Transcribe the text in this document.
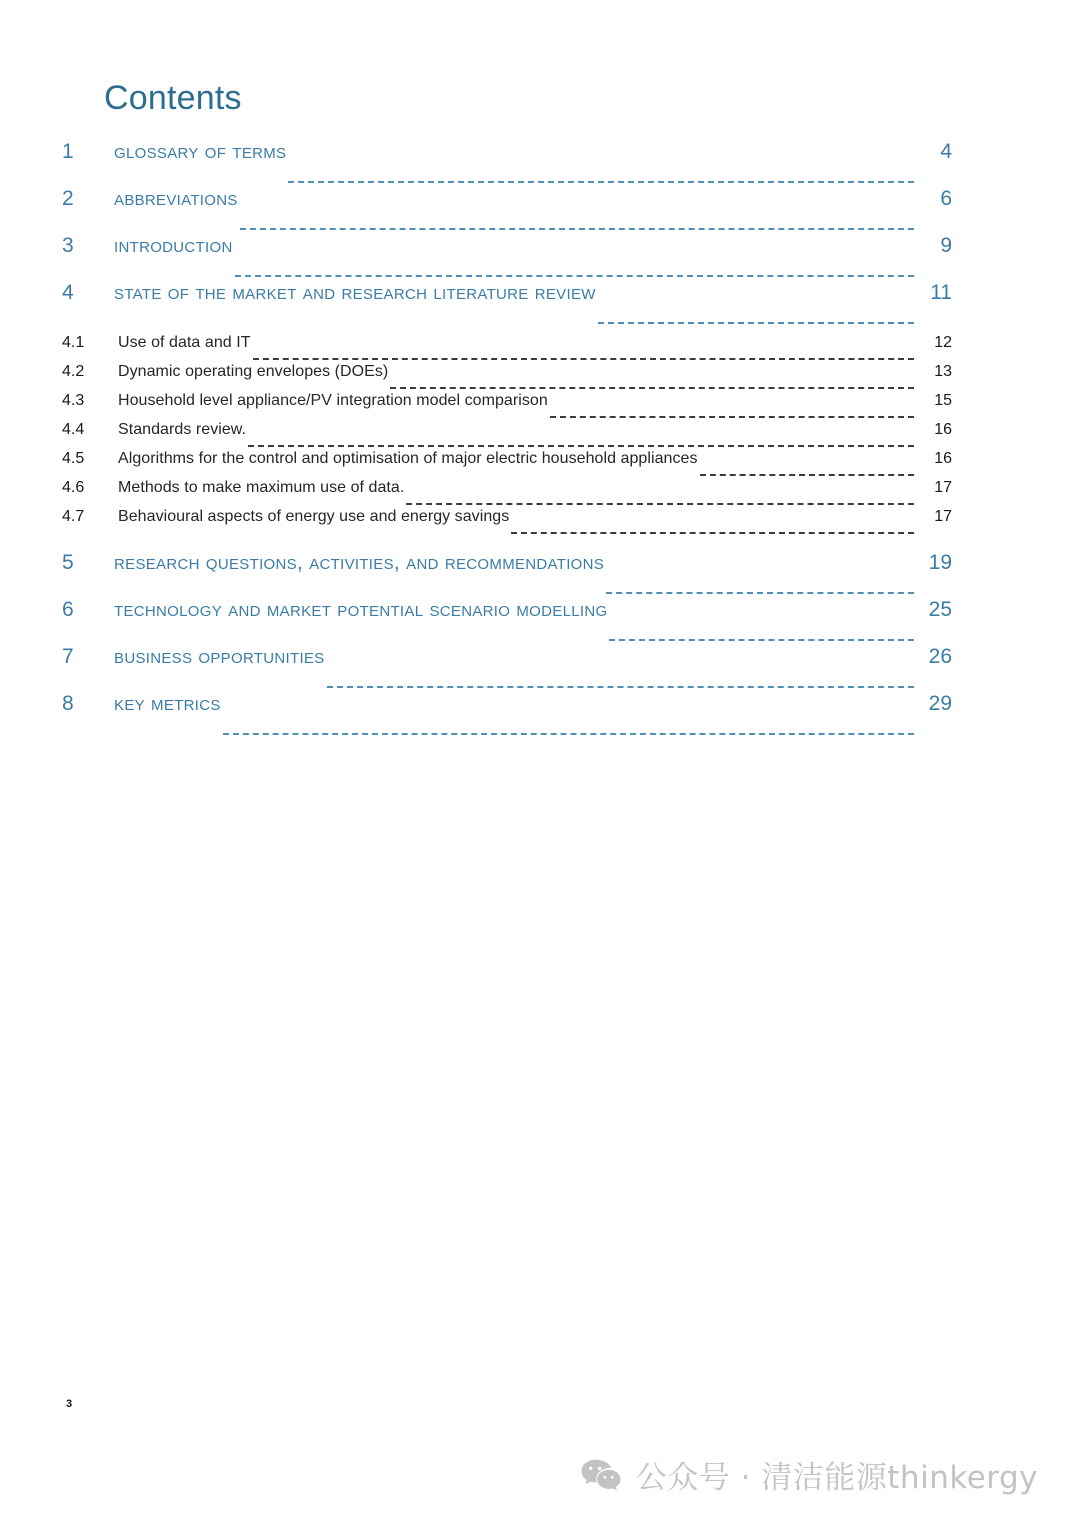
Contents
1	glossary of terms	4
2	abbreviations	6
3	introduction	9
4	state of the market and research literature review	11
4.1	Use of data and IT	12
4.2	Dynamic operating envelopes (DOEs)	13
4.3	Household level appliance/PV integration model comparison	15
4.4	Standards review.	16
4.5	Algorithms for the control and optimisation of major electric household appliances	16
4.6	Methods to make maximum use of data.	17
4.7	Behavioural aspects of energy use and energy savings	17
5	research questions, activities, and recommendations	19
6	technology and market potential scenario modelling	25
7	business opportunities	26
8	key metrics	29
3
公众号 · 清洁能源thinkergy
